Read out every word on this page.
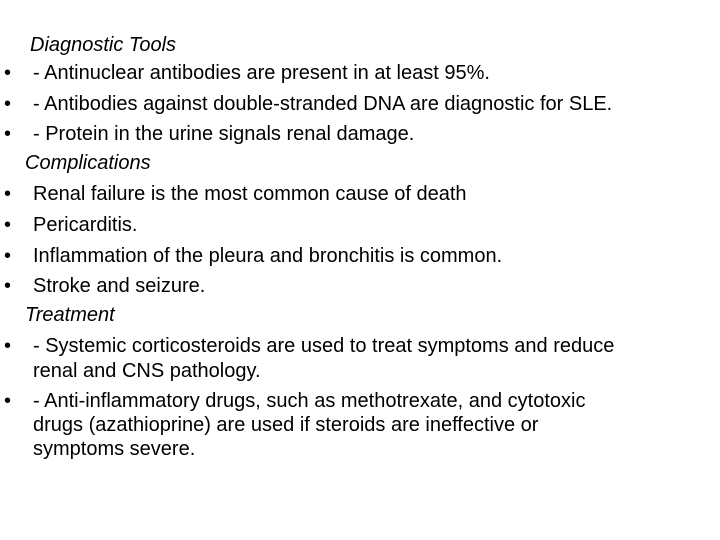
Diagnostic Tools
• - Antinuclear antibodies are present in at least 95%.
• - Antibodies against double-stranded DNA are diagnostic for SLE.
• - Protein in the urine signals renal damage.
Complications
• Renal failure is the most common cause of death
• Pericarditis.
• Inflammation of the pleura and bronchitis is common.
• Stroke and seizure.
Treatment
• - Systemic corticosteroids are used to treat symptoms and reduce
renal and CNS pathology.
• - Anti-inflammatory drugs, such as methotrexate, and cytotoxic
drugs (azathioprine) are used if steroids are ineffective or
symptoms severe.
